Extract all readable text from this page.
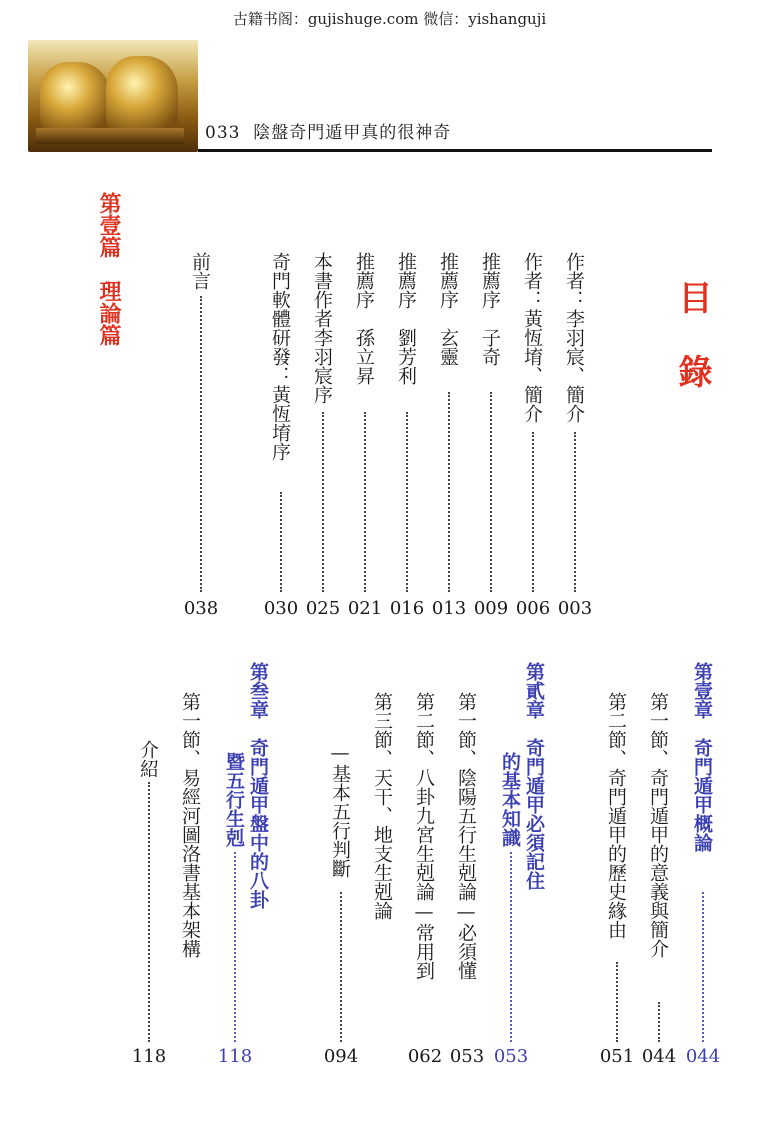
古籍书阁：gujishuge.com 微信：yishanguji
033 陰盤奇門遁甲真的很神奇
目錄
第壹篇　理論篇	作者：李羽宸、簡介
003
作者：黃恆堉、簡介
006
推薦序　子奇
009
推薦序　玄靈
013
推薦序　劉芳利
016
推薦序　孫立昇
021
本書作者李羽宸序
025
奇門軟體研發：黃恆堉序
030
前言
038
第壹章　奇門遁甲概論
044
第一節、奇門遁甲的意義與簡介
044
第二節、奇門遁甲的歷史緣由
051
第貳章　奇門遁甲必須記住
的基本知識
053
第一節、陰陽五行生剋論—必須懂
053
第二節、八卦九宮生剋論—常用到
062
第三節、天干、地支生剋論
—基本五行判斷
094
第叁章　奇門遁甲盤中的八卦
暨五行生剋
118
第一節、易經河圖洛書基本架構
介紹
118
